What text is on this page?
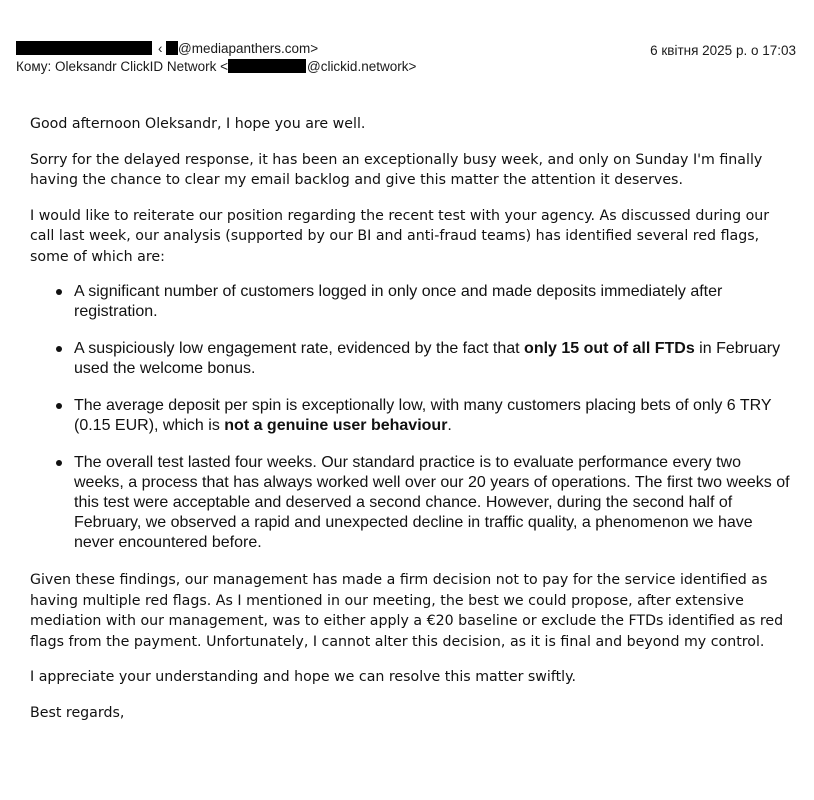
‹ @mediapanthers.com>
Кому: Oleksandr ClickID Network <	@clickid.network>
6 квітня 2025 р. о 17:03

Good afternoon Oleksandr, I hope you are well.

Sorry for the delayed response, it has been an exceptionally busy week, and only on Sunday I'm finally having the chance to clear my email backlog and give this matter the attention it deserves.

I would like to reiterate our position regarding the recent test with your agency. As discussed during our call last week, our analysis (supported by our BI and anti-fraud teams) has identified several red flags, some of which are:

A significant number of customers logged in only once and made deposits immediately after registration.
A suspiciously low engagement rate, evidenced by the fact that only 15 out of all FTDs in February used the welcome bonus.
The average deposit per spin is exceptionally low, with many customers placing bets of only 6 TRY (0.15 EUR), which is not a genuine user behaviour.
The overall test lasted four weeks. Our standard practice is to evaluate performance every two weeks, a process that has always worked well over our 20 years of operations. The first two weeks of this test were acceptable and deserved a second chance. However, during the second half of February, we observed a rapid and unexpected decline in traffic quality, a phenomenon we have never encountered before.

Given these findings, our management has made a firm decision not to pay for the service identified as having multiple red flags. As I mentioned in our meeting, the best we could propose, after extensive mediation with our management, was to either apply a €20 baseline or exclude the FTDs identified as red flags from the payment. Unfortunately, I cannot alter this decision, as it is final and beyond my control.

I appreciate your understanding and hope we can resolve this matter swiftly.

Best regards,
